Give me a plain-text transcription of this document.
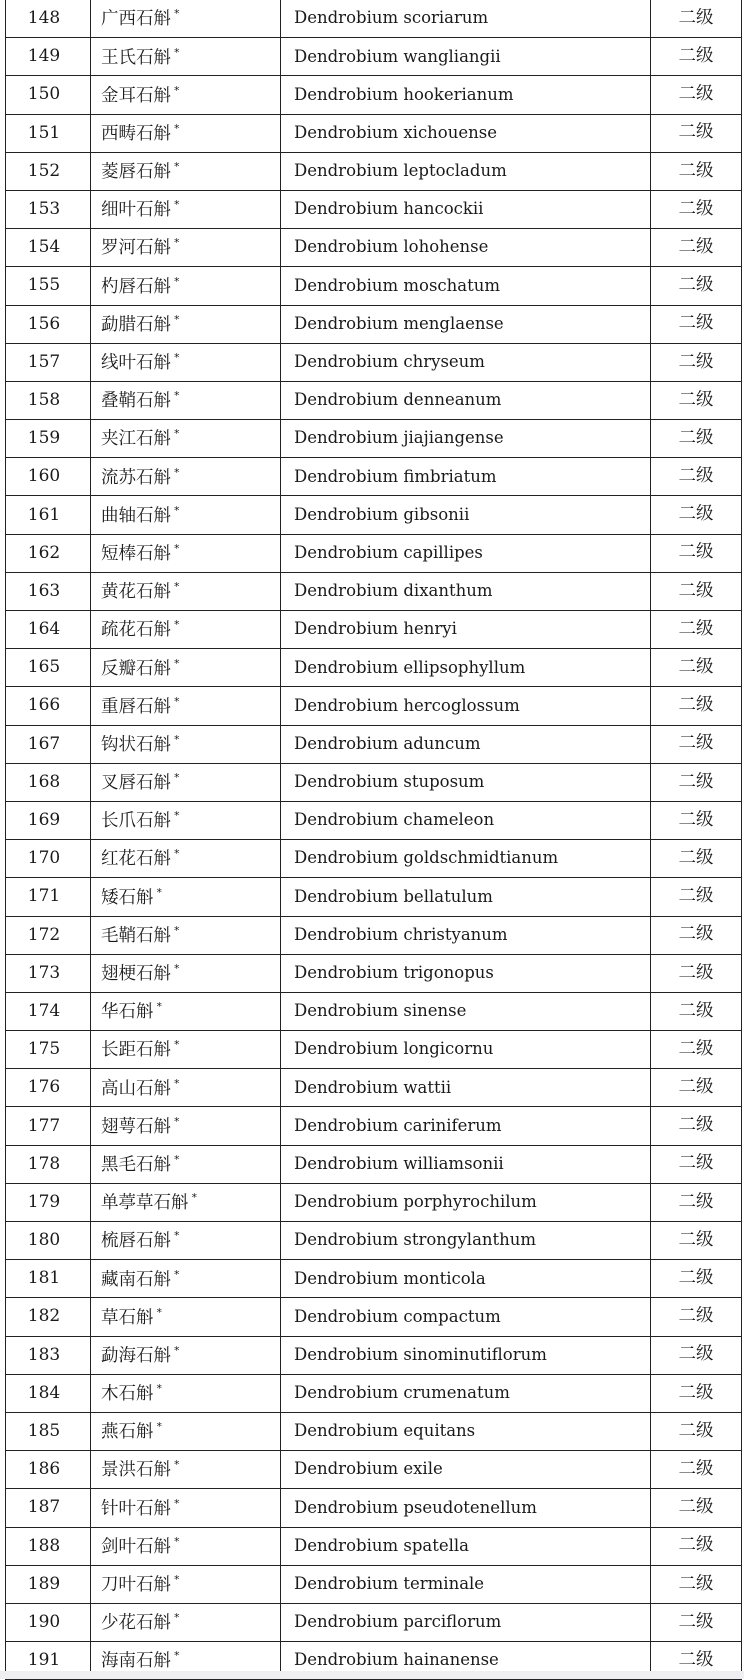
148	广西石斛 *	Dendrobium scoriarum	二级
149	王氏石斛 *	Dendrobium wangliangii	二级
150	金耳石斛 *	Dendrobium hookerianum	二级
151	西畴石斛 *	Dendrobium xichouense	二级
152	菱唇石斛 *	Dendrobium leptocladum	二级
153	细叶石斛 *	Dendrobium hancockii	二级
154	罗河石斛 *	Dendrobium lohohense	二级
155	杓唇石斛 *	Dendrobium moschatum	二级
156	勐腊石斛 *	Dendrobium menglaense	二级
157	线叶石斛 *	Dendrobium chryseum	二级
158	叠鞘石斛 *	Dendrobium denneanum	二级
159	夹江石斛 *	Dendrobium jiajiangense	二级
160	流苏石斛 *	Dendrobium fimbriatum	二级
161	曲轴石斛 *	Dendrobium gibsonii	二级
162	短棒石斛 *	Dendrobium capillipes	二级
163	黄花石斛 *	Dendrobium dixanthum	二级
164	疏花石斛 *	Dendrobium henryi	二级
165	反瓣石斛 *	Dendrobium ellipsophyllum	二级
166	重唇石斛 *	Dendrobium hercoglossum	二级
167	钩状石斛 *	Dendrobium aduncum	二级
168	叉唇石斛 *	Dendrobium stuposum	二级
169	长爪石斛 *	Dendrobium chameleon	二级
170	红花石斛 *	Dendrobium goldschmidtianum	二级
171	矮石斛 *	Dendrobium bellatulum	二级
172	毛鞘石斛 *	Dendrobium christyanum	二级
173	翅梗石斛 *	Dendrobium trigonopus	二级
174	华石斛 *	Dendrobium sinense	二级
175	长距石斛 *	Dendrobium longicornu	二级
176	高山石斛 *	Dendrobium wattii	二级
177	翅萼石斛 *	Dendrobium cariniferum	二级
178	黑毛石斛 *	Dendrobium williamsonii	二级
179	单葶草石斛 *	Dendrobium porphyrochilum	二级
180	梳唇石斛 *	Dendrobium strongylanthum	二级
181	藏南石斛 *	Dendrobium monticola	二级
182	草石斛 *	Dendrobium compactum	二级
183	勐海石斛 *	Dendrobium sinominutiflorum	二级
184	木石斛 *	Dendrobium crumenatum	二级
185	燕石斛 *	Dendrobium equitans	二级
186	景洪石斛 *	Dendrobium exile	二级
187	针叶石斛 *	Dendrobium pseudotenellum	二级
188	剑叶石斛 *	Dendrobium spatella	二级
189	刀叶石斛 *	Dendrobium terminale	二级
190	少花石斛 *	Dendrobium parciflorum	二级
191	海南石斛 *	Dendrobium hainanense	二级
